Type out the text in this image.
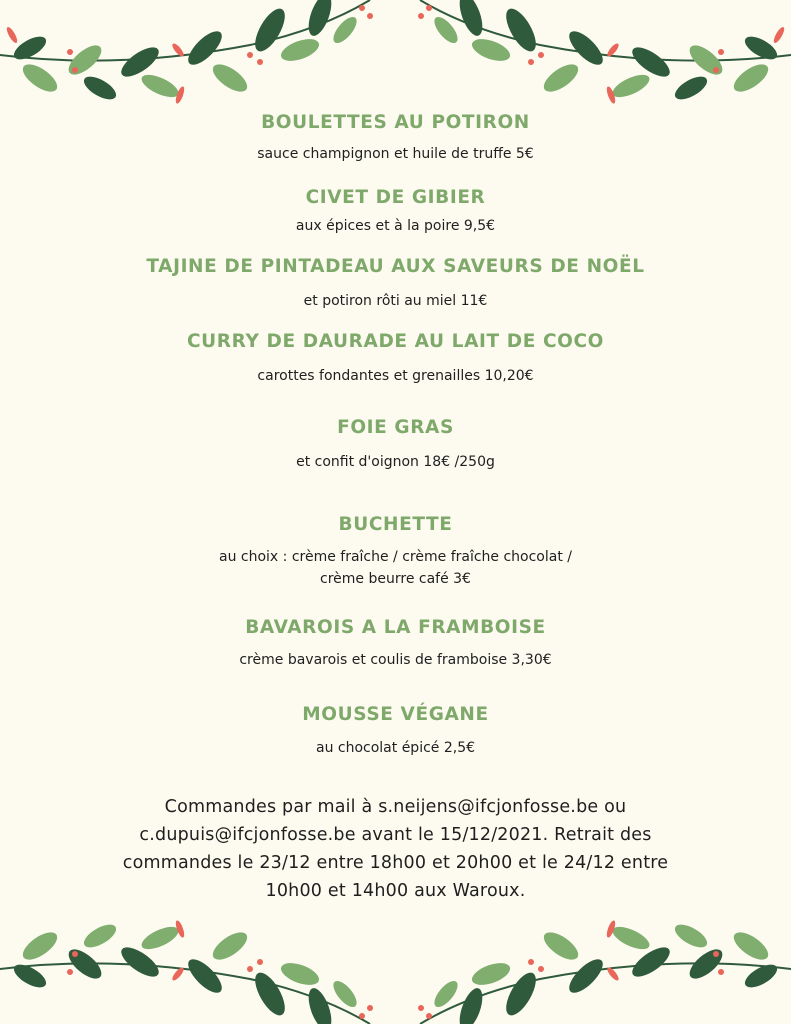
BOULETTES AU POTIRON
sauce champignon et huile de truffe 5€
CIVET DE GIBIER
aux épices et à la poire 9,5€
TAJINE DE PINTADEAU AUX SAVEURS DE NOËL
et potiron rôti au miel 11€
CURRY DE DAURADE AU LAIT DE COCO
carottes fondantes et grenailles 10,20€
FOIE GRAS
et confit d'oignon 18€ /250g
BUCHETTE
au choix : crème fraîche / crème fraîche chocolat /
crème beurre café 3€
BAVAROIS A LA FRAMBOISE
crème bavarois et coulis de framboise 3,30€
MOUSSE VÉGANE
au chocolat épicé 2,5€
Commandes par mail à s.neijens@ifcjonfosse.be ou
c.dupuis@ifcjonfosse.be avant le 15/12/2021. Retrait des
commandes le 23/12 entre 18h00 et 20h00 et le 24/12 entre
10h00 et 14h00 aux Waroux.
